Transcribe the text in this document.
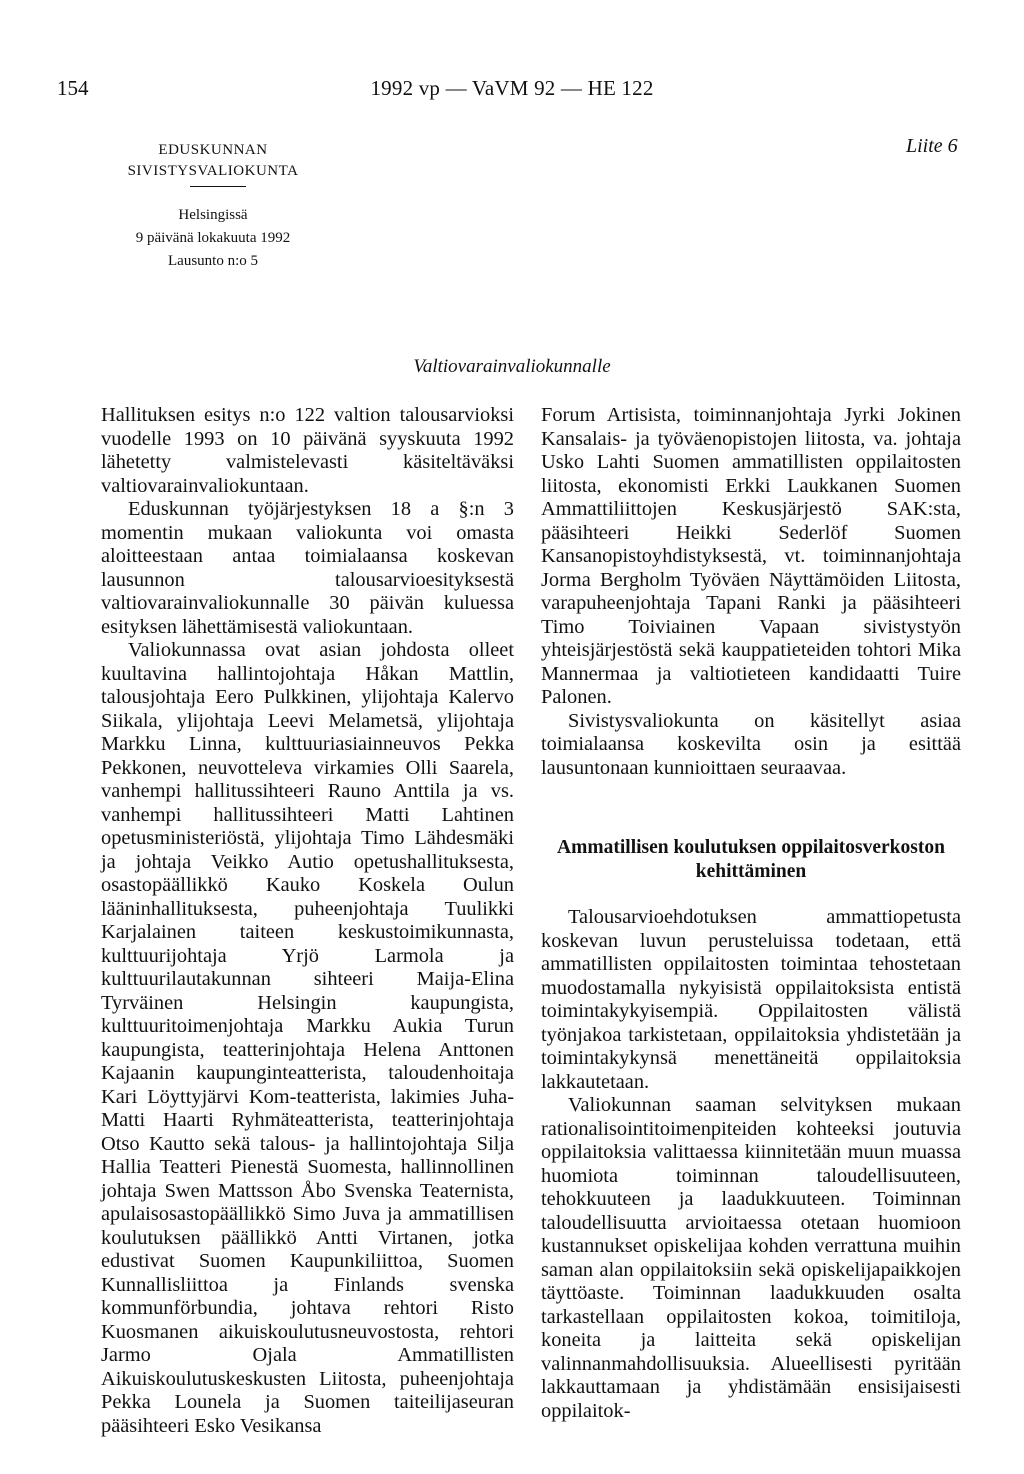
154	1992 vp — VaVM 92 — HE 122
EDUSKUNNAN
SIVISTYSVALIOKUNTA
Helsingissä
9 päivänä lokakuuta 1992
Lausunto n:o 5
Liite 6
Valtiovarainvaliokunnalle

Hallituksen esitys n:o 122 valtion talousarvioksi vuodelle 1993 on 10 päivänä syyskuuta 1992 lähetetty valmistelevasti käsiteltäväksi valtiovarainvaliokuntaan.

Eduskunnan työjärjestyksen 18 a §:n 3 momentin mukaan valiokunta voi omasta aloitteestaan antaa toimialaansa koskevan lausunnon talousarvioesityksestä valtiovarainvaliokunnalle 30 päivän kuluessa esityksen lähettämisestä valiokuntaan.

Valiokunnassa ovat asian johdosta olleet kuultavina hallintojohtaja Håkan Mattlin, talousjohtaja Eero Pulkkinen, ylijohtaja Kalervo Siikala, ylijohtaja Leevi Melametsä, ylijohtaja Markku Linna, kulttuuriasiainneuvos Pekka Pekkonen, neuvotteleva virkamies Olli Saarela, vanhempi hallitussihteeri Rauno Anttila ja vs. vanhempi hallitussihteeri Matti Lahtinen opetusministeriöstä, ylijohtaja Timo Lähdesmäki ja johtaja Veikko Autio opetushallituksesta, osastopäällikkö Kauko Koskela Oulun lääninhallituksesta, puheenjohtaja Tuulikki Karjalainen taiteen keskustoimikunnasta, kulttuurijohtaja Yrjö Larmola ja kulttuurilautakunnan sihteeri Maija-Elina Tyrväinen Helsingin kaupungista, kulttuuritoimenjohtaja Markku Aukia Turun kaupungista, teatterinjohtaja Helena Anttonen Kajaanin kaupunginteatterista, taloudenhoitaja Kari Löyttyjärvi Kom-teatterista, lakimies Juha-Matti Haarti Ryhmäteatterista, teatterinjohtaja Otso Kautto sekä talous- ja hallintojohtaja Silja Hallia Teatteri Pienestä Suomesta, hallinnollinen johtaja Swen Mattsson Åbo Svenska Teaternista, apulaisosastopäällikkö Simo Juva ja ammatillisen koulutuksen päällikkö Antti Virtanen, jotka edustivat Suomen Kaupunkiliittoa, Suomen Kunnallisliittoa ja Finlands svenska kommunförbundia, johtava rehtori Risto Kuosmanen aikuiskoulutusneuvostosta, rehtori Jarmo Ojala Ammatillisten Aikuiskoulutuskeskusten Liitosta, puheenjohtaja Pekka Lounela ja Suomen taiteilijaseuran pääsihteeri Esko Vesikansa

Forum Artisista, toiminnanjohtaja Jyrki Jokinen Kansalais- ja työväenopistojen liitosta, va. johtaja Usko Lahti Suomen ammatillisten oppilaitosten liitosta, ekonomisti Erkki Laukkanen Suomen Ammattiliittojen Keskusjärjestö SAK:sta, pääsihteeri Heikki Sederlöf Suomen Kansanopistoyhdistyksestä, vt. toiminnanjohtaja Jorma Bergholm Työväen Näyttämöiden Liitosta, varapuheenjohtaja Tapani Ranki ja pääsihteeri Timo Toiviainen Vapaan sivistystyön yhteisjärjestöstä sekä kauppatieteiden tohtori Mika Mannermaa ja valtiotieteen kandidaatti Tuire Palonen.

Sivistysvaliokunta on käsitellyt asiaa toimialaansa koskevilta osin ja esittää lausuntonaan kunnioittaen seuraavaa.

Ammatillisen koulutuksen oppilaitosverkoston kehittäminen

Talousarvioehdotuksen ammattiopetusta koskevan luvun perusteluissa todetaan, että ammatillisten oppilaitosten toimintaa tehostetaan muodostamalla nykyisistä oppilaitoksista entistä toimintakykyisempiä. Oppilaitosten välistä työnjakoa tarkistetaan, oppilaitoksia yhdistetään ja toimintakykynsä menettäneitä oppilaitoksia lakkautetaan.

Valiokunnan saaman selvityksen mukaan rationalisointitoimenpiteiden kohteeksi joutuvia oppilaitoksia valittaessa kiinnitetään muun muassa huomiota toiminnan taloudellisuuteen, tehokkuuteen ja laadukkuuteen. Toiminnan taloudellisuutta arvioitaessa otetaan huomioon kustannukset opiskelijaa kohden verrattuna muihin saman alan oppilaitoksiin sekä opiskelijapaikkojen täyttöaste. Toiminnan laadukkuuden osalta tarkastellaan oppilaitosten kokoa, toimitiloja, koneita ja laitteita sekä opiskelijan valinnanmahdollisuuksia. Alueellisesti pyritään lakkauttamaan ja yhdistämään ensisijaisesti oppilaitok-
